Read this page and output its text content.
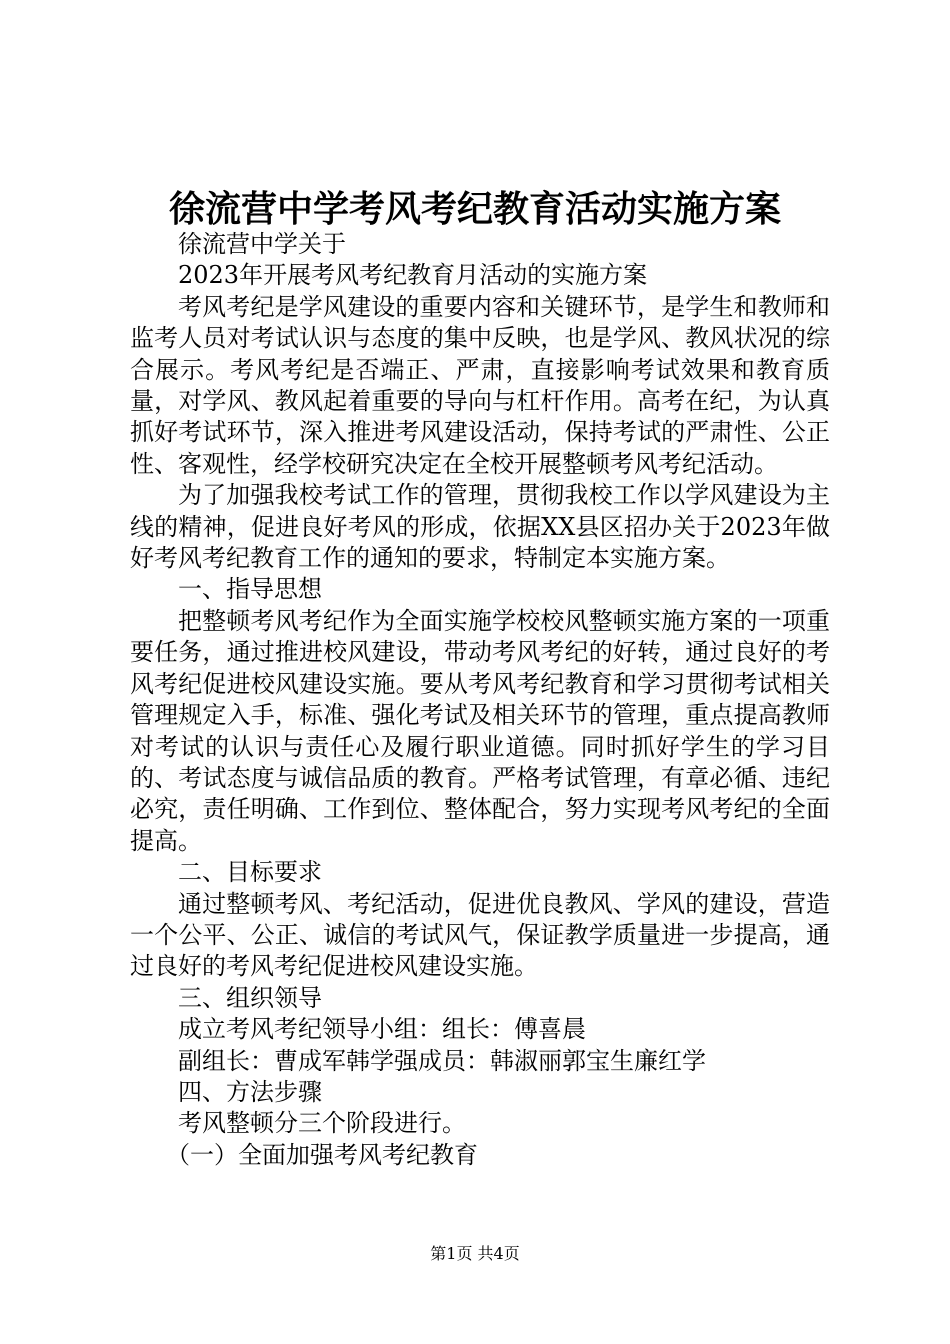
徐流营中学考风考纪教育活动实施方案

徐流营中学关于

2023年开展考风考纪教育月活动的实施方案

考风考纪是学风建设的重要内容和关键环节，是学生和教师和监考人员对考试认识与态度的集中反映，也是学风、教风状况的综合展示。考风考纪是否端正、严肃，直接影响考试效果和教育质量，对学风、教风起着重要的导向与杠杆作用。高考在纪，为认真抓好考试环节，深入推进考风建设活动，保持考试的严肃性、公正性、客观性，经学校研究决定在全校开展整顿考风考纪活动。

为了加强我校考试工作的管理，贯彻我校工作以学风建设为主线的精神，促进良好考风的形成，依据XX县区招办关于2023年做好考风考纪教育工作的通知的要求，特制定本实施方案。

一、指导思想

把整顿考风考纪作为全面实施学校校风整顿实施方案的一项重要任务，通过推进校风建设，带动考风考纪的好转，通过良好的考风考纪促进校风建设实施。要从考风考纪教育和学习贯彻考试相关管理规定入手，标准、强化考试及相关环节的管理，重点提高教师对考试的认识与责任心及履行职业道德。同时抓好学生的学习目的、考试态度与诚信品质的教育。严格考试管理，有章必循、违纪必究，责任明确、工作到位、整体配合，努力实现考风考纪的全面提高。

二、目标要求

通过整顿考风、考纪活动，促进优良教风、学风的建设，营造一个公平、公正、诚信的考试风气，保证教学质量进一步提高，通过良好的考风考纪促进校风建设实施。

三、组织领导

成立考风考纪领导小组：组长：傅喜晨

副组长：曹成军韩学强成员：韩淑丽郭宝生廉红学

四、方法步骤

考风整顿分三个阶段进行。

（一）全面加强考风考纪教育

第1页 共4页
